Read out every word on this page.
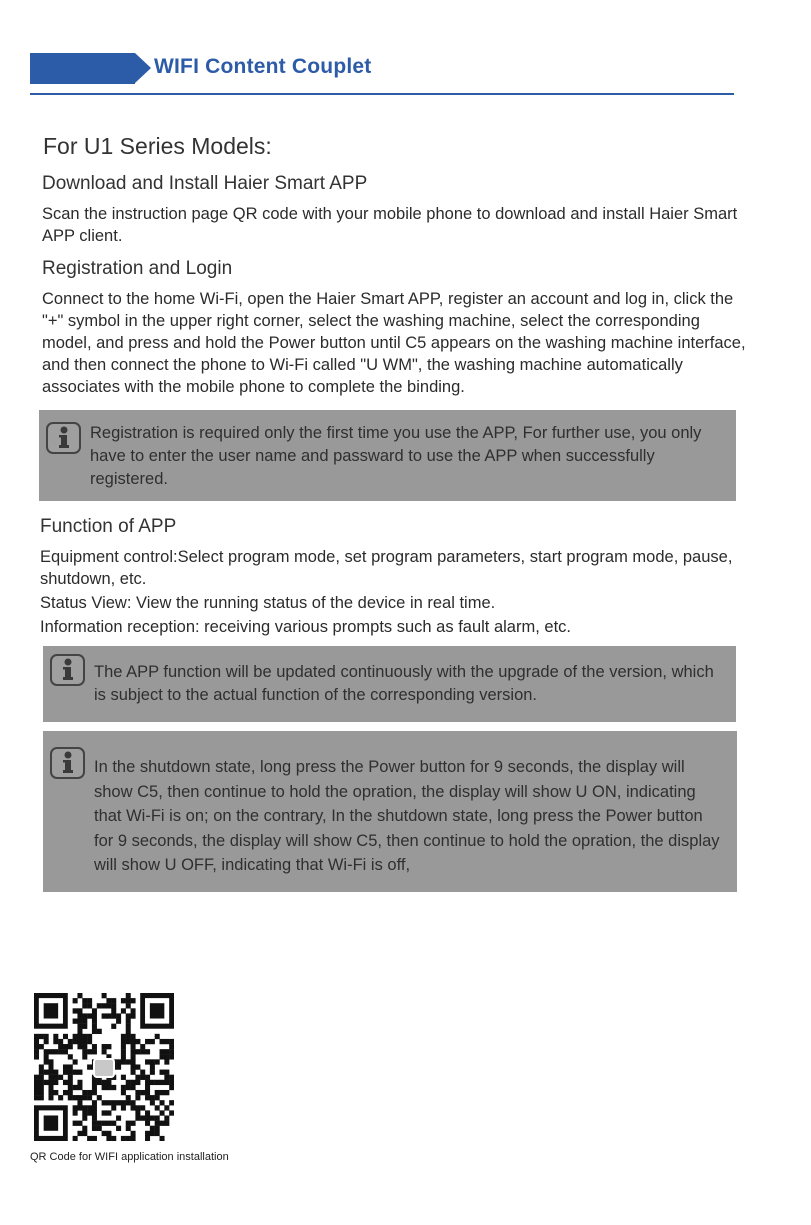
WIFI Content Couplet
For U1 Series Models:
Download and Install Haier Smart APP
Scan the instruction page QR code with your mobile phone to download and install Haier Smart APP client.
Registration and Login
Connect to the home Wi-Fi, open the Haier Smart APP, register an account and log in, click the "+" symbol in the upper right corner, select the washing machine, select the corresponding model, and press and hold the Power button until C5 appears on the washing machine interface, and then connect the phone to Wi-Fi called "U WM", the washing machine automatically associates with the mobile phone to complete the binding.
Registration is required only the first time you use the APP, For further use, you only have to enter the user name and passward to use the APP when successfully registered.
Function of APP
Equipment control:Select program mode, set program parameters, start program mode, pause, shutdown, etc.
Status View: View the running status of the device in real time.
Information reception: receiving various prompts such as fault alarm, etc.
The APP function will be updated continuously with the upgrade of the version, which is subject to the actual function of the corresponding version.
In the shutdown state, long press the Power button for 9 seconds, the display will show C5, then continue to hold the opration, the display will show U ON, indicating that Wi-Fi is on; on the contrary, In the shutdown state, long press the Power button for 9 seconds, the display will show C5, then continue to hold the opration, the display will show U OFF, indicating that Wi-Fi is off,
QR Code for WIFI application installation
